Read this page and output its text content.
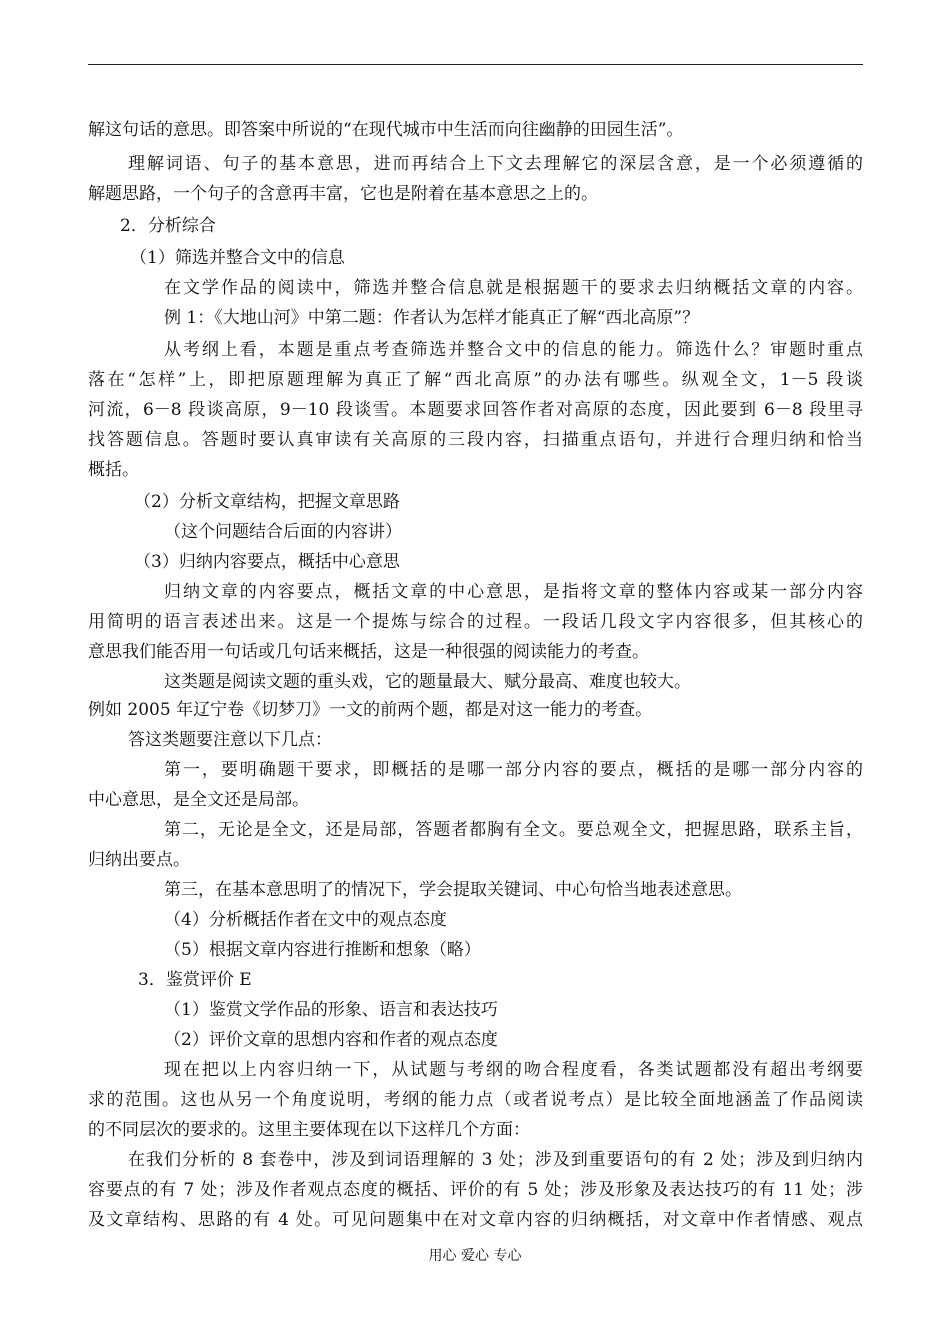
解这句话的意思。即答案中所说的“在现代城市中生活而向往幽静的田园生活”。
理解词语、句子的基本意思，进而再结合上下文去理解它的深层含意，是一个必须遵循的
解题思路，一个句子的含意再丰富，它也是附着在基本意思之上的。
2．分析综合
（1）筛选并整合文中的信息
在文学作品的阅读中，筛选并整合信息就是根据题干的要求去归纳概括文章的内容。
例 1：《大地山河》中第二题：作者认为怎样才能真正了解“西北高原”？
从考纲上看，本题是重点考查筛选并整合文中的信息的能力。筛选什么？审题时重点
落在“怎样”上，即把原题理解为真正了解“西北高原”的办法有哪些。纵观全文，1－5 段谈
河流，6－8 段谈高原，9－10 段谈雪。本题要求回答作者对高原的态度，因此要到 6－8 段里寻
找答题信息。答题时要认真审读有关高原的三段内容，扫描重点语句，并进行合理归纳和恰当
概括。
（2）分析文章结构，把握文章思路
（这个问题结合后面的内容讲）
（3）归纳内容要点，概括中心意思
归纳文章的内容要点，概括文章的中心意思，是指将文章的整体内容或某一部分内容
用简明的语言表述出来。这是一个提炼与综合的过程。一段话几段文字内容很多，但其核心的
意思我们能否用一句话或几句话来概括，这是一种很强的阅读能力的考查。
这类题是阅读文题的重头戏，它的题量最大、赋分最高、难度也较大。
例如 2005 年辽宁卷《切梦刀》一文的前两个题，都是对这一能力的考查。
答这类题要注意以下几点：
第一，要明确题干要求，即概括的是哪一部分内容的要点，概括的是哪一部分内容的
中心意思，是全文还是局部。
第二，无论是全文，还是局部，答题者都胸有全文。要总观全文，把握思路，联系主旨，
归纳出要点。
第三，在基本意思明了的情况下，学会提取关键词、中心句恰当地表述意思。
（4）分析概括作者在文中的观点态度
（5）根据文章内容进行推断和想象（略）
3．鉴赏评价 E
（1）鉴赏文学作品的形象、语言和表达技巧
（2）评价文章的思想内容和作者的观点态度
现在把以上内容归纳一下，从试题与考纲的吻合程度看，各类试题都没有超出考纲要
求的范围。这也从另一个角度说明，考纲的能力点（或者说考点）是比较全面地涵盖了作品阅读
的不同层次的要求的。这里主要体现在以下这样几个方面：
在我们分析的 8 套卷中，涉及到词语理解的 3 处；涉及到重要语句的有 2 处；涉及到归纳内
容要点的有 7 处；涉及作者观点态度的概括、评价的有 5 处；涉及形象及表达技巧的有 11 处；涉
及文章结构、思路的有 4 处。可见问题集中在对文章内容的归纳概括，对文章中作者情感、观点
用心 爱心 专心
